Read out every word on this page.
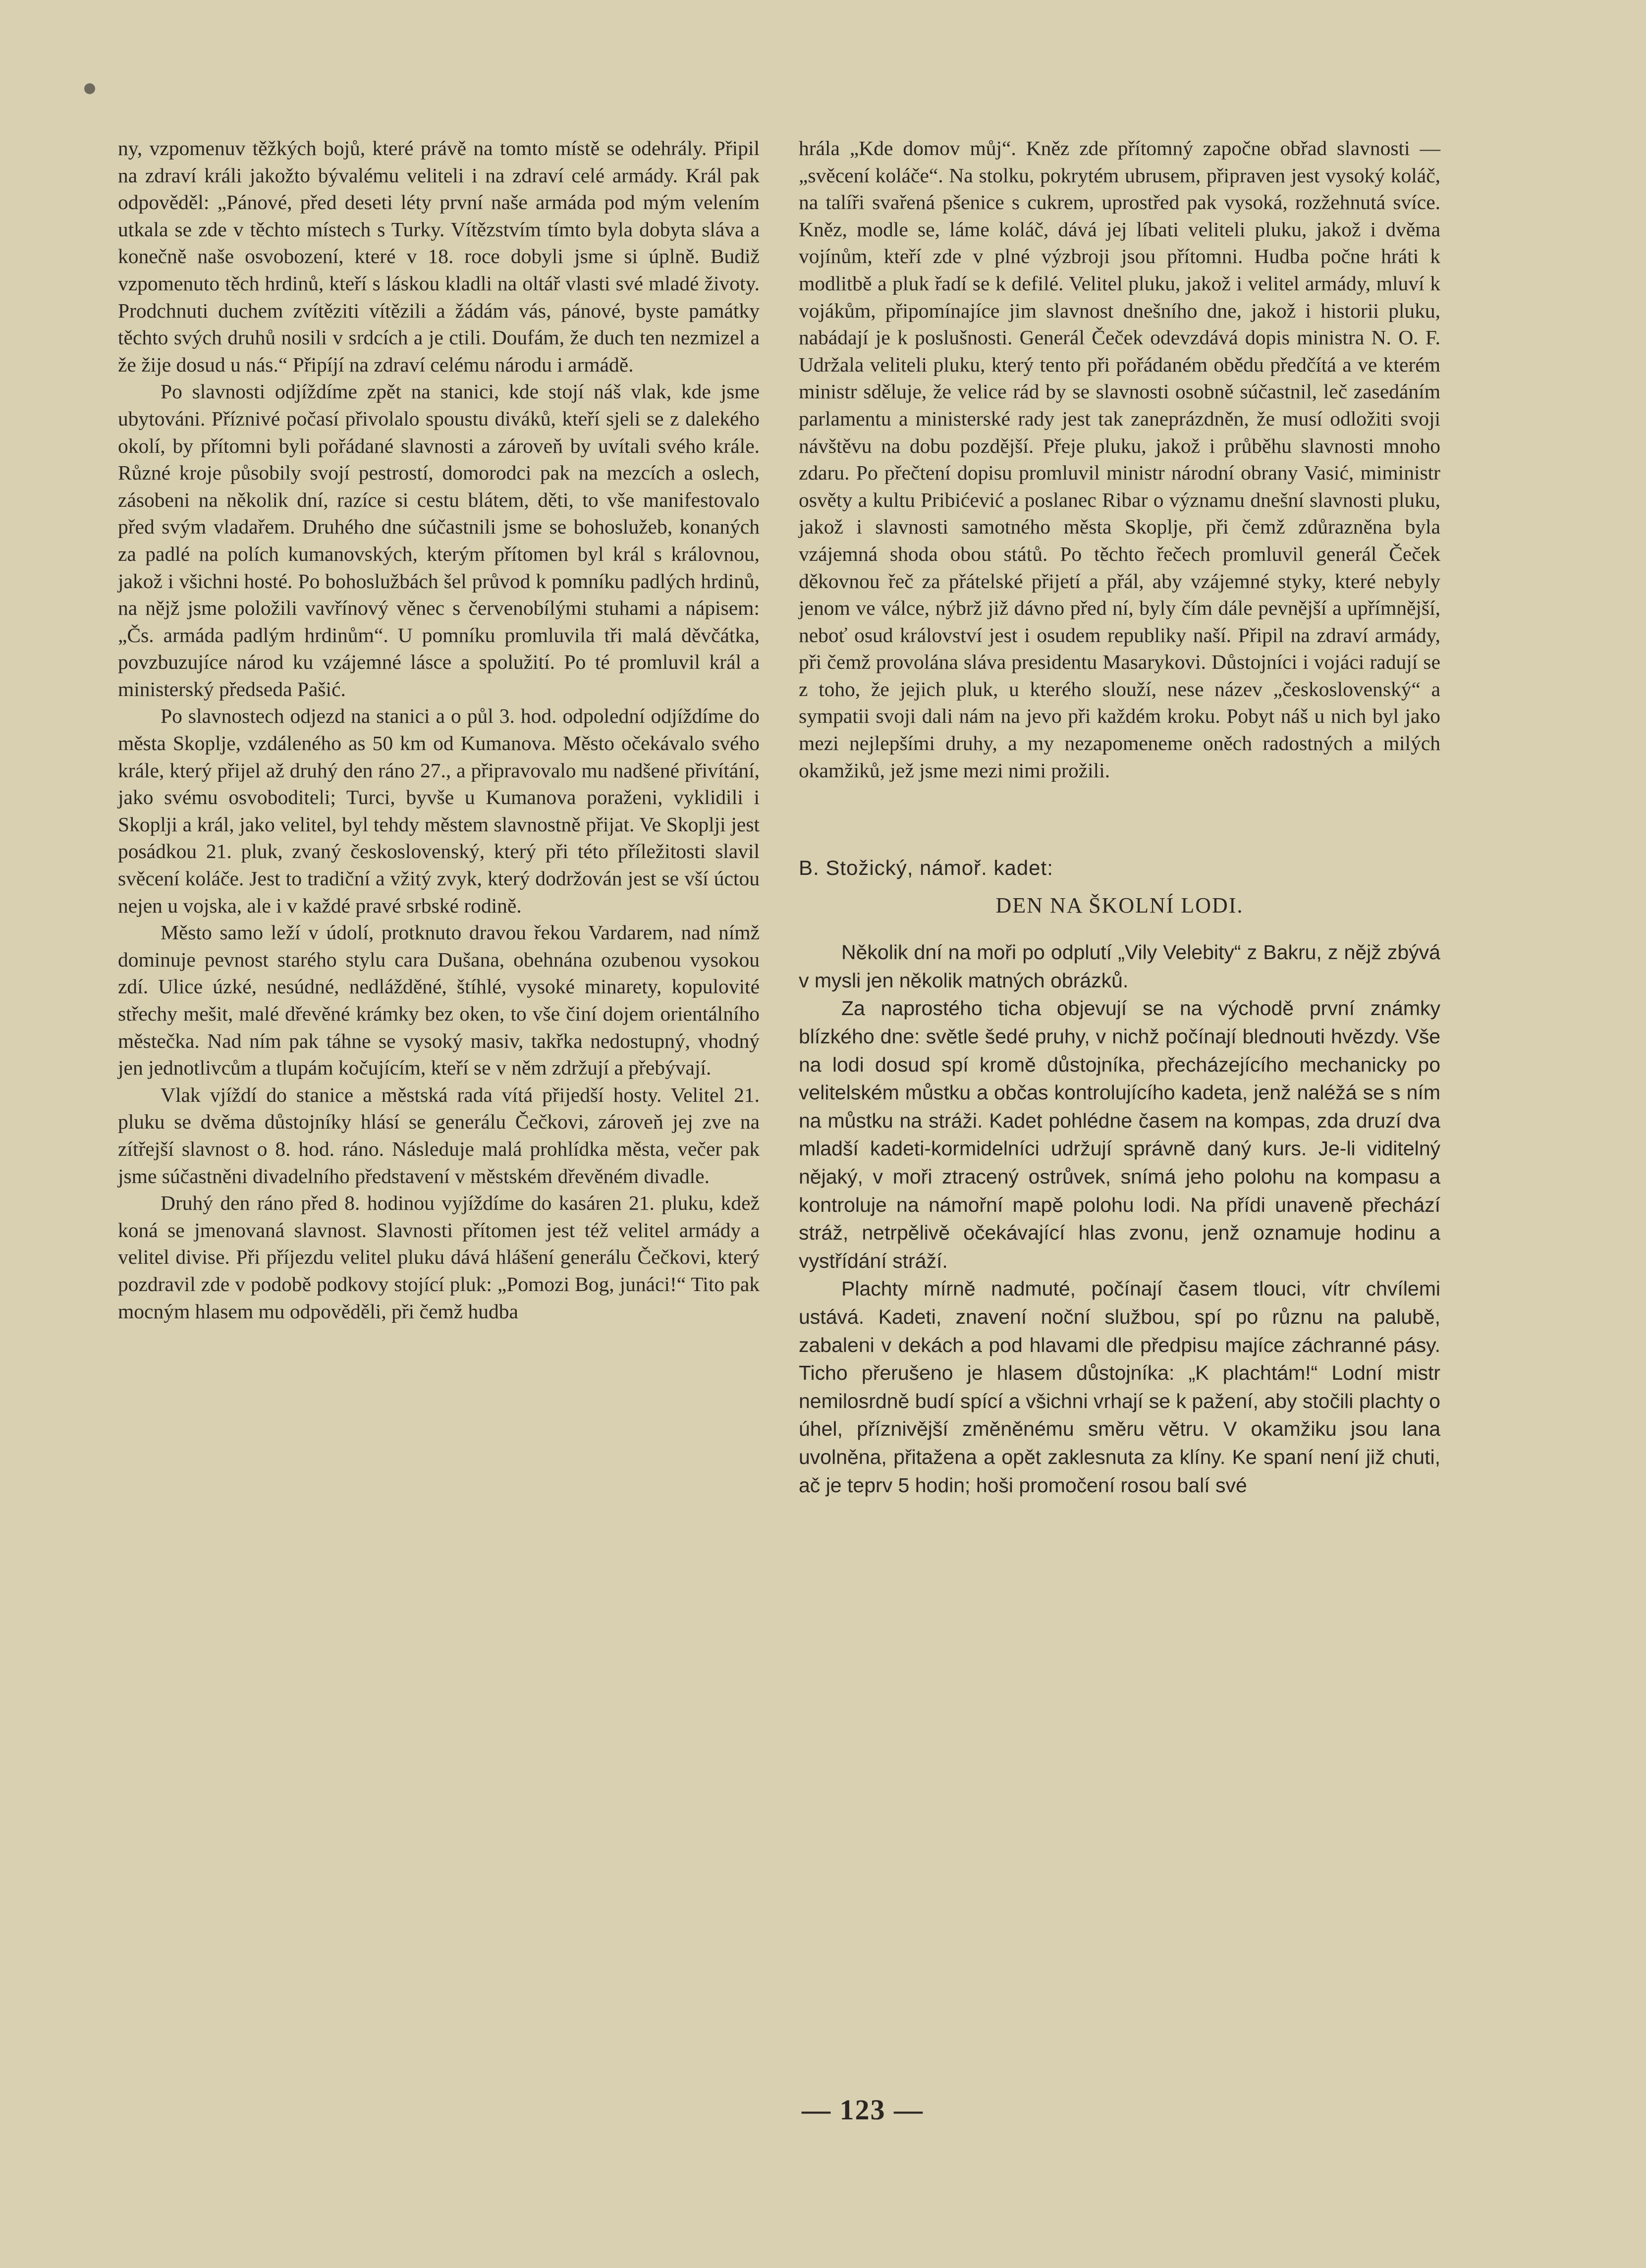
ny, vzpomenuv těžkých bojů, které právě na tomto místě se odehrály. Připil na zdraví králi jakožto bývalému veliteli i na zdraví celé armády. Král pak odpověděl: „Pánové, před deseti léty první naše armáda pod mým velením utkala se zde v těchto místech s Turky. Vítězstvím tímto byla dobyta sláva a konečně naše osvobození, které v 18. roce dobyli jsme si úplně. Budiž vzpomenuto těch hrdinů, kteří s láskou kladli na oltář vlasti své mladé životy. Prodchnuti duchem zvítěziti vítězili a žádám vás, pánové, byste památky těchto svých druhů nosili v srdcích a je ctili. Doufám, že duch ten nezmizel a že žije dosud u nás.“ Připíjí na zdraví celému národu i armádě.

Po slavnosti odjíždíme zpět na stanici, kde stojí náš vlak, kde jsme ubytováni. Příznivé počasí přivolalo spoustu diváků, kteří sjeli se z dalekého okolí, by přítomni byli pořádané slavnosti a zároveň by uvítali svého krále. Různé kroje působily svojí pestrostí, domorodci pak na mezcích a oslech, zásobeni na několik dní, razíce si cestu blátem, děti, to vše manifestovalo před svým vladařem. Druhého dne súčastnili jsme se bohoslužeb, konaných za padlé na polích kumanovských, kterým přítomen byl král s královnou, jakož i všichni hosté. Po bohoslužbách šel průvod k pomníku padlých hrdinů, na nějž jsme položili vavřínový věnec s červenobílými stuhami a nápisem: „Čs. armáda padlým hrdinům“. U pomníku promluvila tři malá děvčátka, povzbuzujíce národ ku vzájemné lásce a spolužití. Po té promluvil král a ministerský předseda Pašić.

Po slavnostech odjezd na stanici a o půl 3. hod. odpolední odjíždíme do města Skoplje, vzdáleného as 50 km od Kumanova. Město očekávalo svého krále, který přijel až druhý den ráno 27., a připravovalo mu nadšené přivítání, jako svému osvoboditeli; Turci, byvše u Kumanova poraženi, vyklidili i Skoplji a král, jako velitel, byl tehdy městem slavnostně přijat. Ve Skoplji jest posádkou 21. pluk, zvaný československý, který při této příležitosti slavil svěcení koláče. Jest to tradiční a vžitý zvyk, který dodržován jest se vší úctou nejen u vojska, ale i v každé pravé srbské rodině.

Město samo leží v údolí, protknuto dravou řekou Vardarem, nad nímž dominuje pevnost starého stylu cara Dušana, obehnána ozubenou vysokou zdí. Ulice úzké, nesúdné, nedlážděné, štíhlé, vysoké minarety, kopulovité střechy mešit, malé dřevěné krámky bez oken, to vše činí dojem orientálního městečka. Nad ním pak táhne se vysoký masiv, takřka nedostupný, vhodný jen jednotlivcům a tlupám kočujícím, kteří se v něm zdržují a přebývají.

Vlak vjíždí do stanice a městská rada vítá přijedší hosty. Velitel 21. pluku se dvěma důstojníky hlásí se generálu Čečkovi, zároveň jej zve na zítřejší slavnost o 8. hod. ráno. Následuje malá prohlídka města, večer pak jsme súčastněni divadelního představení v městském dřevěném divadle.

Druhý den ráno před 8. hodinou vyjíždíme do kasáren 21. pluku, kdež koná se jmenovaná slavnost. Slavnosti přítomen jest též velitel armády a velitel divise. Při příjezdu velitel pluku dává hlášení generálu Čečkovi, který pozdravil zde v podobě podkovy stojící pluk: „Pomozi Bog, junáci!“ Tito pak mocným hlasem mu odpověděli, při čemž hudba

hrála „Kde domov můj“. Kněz zde přítomný započne obřad slavnosti — „svěcení koláče“. Na stolku, pokrytém ubrusem, připraven jest vysoký koláč, na talíři svařená pšenice s cukrem, uprostřed pak vysoká, rozžehnutá svíce. Kněz, modle se, láme koláč, dává jej líbati veliteli pluku, jakož i dvěma vojínům, kteří zde v plné výzbroji jsou přítomni. Hudba počne hráti k modlitbě a pluk řadí se k defilé. Velitel pluku, jakož i velitel armády, mluví k vojákům, připomínajíce jim slavnost dnešního dne, jakož i historii pluku, nabádají je k poslušnosti. Generál Čeček odevzdává dopis ministra N. O. F. Udržala veliteli pluku, který tento při pořádaném obědu předčítá a ve kterém ministr sděluje, že velice rád by se slavnosti osobně súčastnil, leč zasedáním parlamentu a ministerské rady jest tak zaneprázdněn, že musí odložiti svoji návštěvu na dobu pozdější. Přeje pluku, jakož i průběhu slavnosti mnoho zdaru. Po přečtení dopisu promluvil ministr národní obrany Vasić, miministr osvěty a kultu Pribićević a poslanec Ribar o významu dnešní slavnosti pluku, jakož i slavnosti samotného města Skoplje, při čemž zdůrazněna byla vzájemná shoda obou států. Po těchto řečech promluvil generál Čeček děkovnou řeč za přátelské přijetí a přál, aby vzájemné styky, které nebyly jenom ve válce, nýbrž již dávno před ní, byly čím dále pevnější a upřímnější, neboť osud království jest i osudem republiky naší. Připil na zdraví armády, při čemž provolána sláva presidentu Masarykovi. Důstojníci i vojáci radují se z toho, že jejich pluk, u kterého slouží, nese název „československý“ a sympatii svoji dali nám na jevo při každém kroku. Pobyt náš u nich byl jako mezi nejlepšími druhy, a my nezapomeneme oněch radostných a milých okamžiků, jež jsme mezi nimi prožili.

B. Stožický, námoř. kadet:

DEN NA ŠKOLNÍ LODI.

Několik dní na moři po odplutí „Vily Velebity“ z Bakru, z nějž zbývá v mysli jen několik matných obrázků.

Za naprostého ticha objevují se na východě první známky blízkého dne: světle šedé pruhy, v nichž počínají blednouti hvězdy. Vše na lodi dosud spí kromě důstojníka, přecházejícího mechanicky po velitelském můstku a občas kontrolujícího kadeta, jenž naléžá se s ním na můstku na stráži. Kadet pohlédne časem na kompas, zda druzí dva mladší kadeti-kormidelníci udržují správně daný kurs. Je-li viditelný nějaký, v moři ztracený ostrůvek, snímá jeho polohu na kompasu a kontroluje na námořní mapě polohu lodi. Na přídi unaveně přechází stráž, netrpělivě očekávající hlas zvonu, jenž oznamuje hodinu a vystřídání stráží.

Plachty mírně nadmuté, počínají časem tlouci, vítr chvílemi ustává. Kadeti, znavení noční službou, spí po různu na palubě, zabaleni v dekách a pod hlavami dle předpisu majíce záchranné pásy. Ticho přerušeno je hlasem důstojníka: „K plachtám!“ Lodní mistr nemilosrdně budí spící a všichni vrhají se k pažení, aby stočili plachty o úhel, příznivější změněnému směru větru. V okamžiku jsou lana uvolněna, přitažena a opět zaklesnuta za klíny. Ke spaní není již chuti, ač je teprv 5 hodin; hoši promočení rosou balí své

— 123 —
